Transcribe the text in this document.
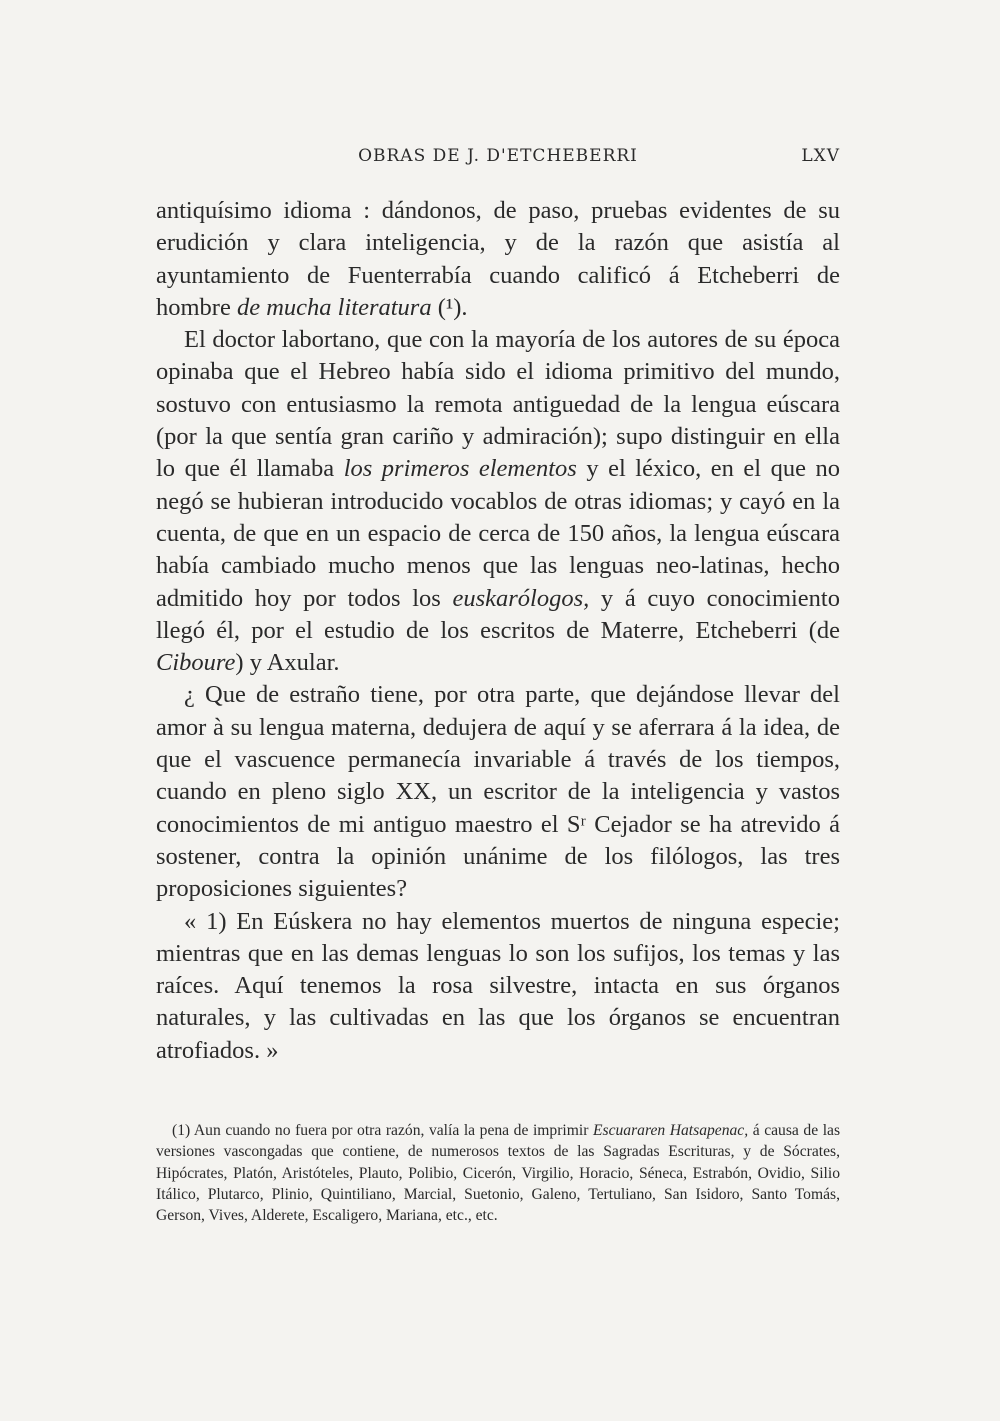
OBRAS DE J. D'ETCHEBERRI	LXV

antiquísimo idioma : dándonos, de paso, pruebas evidentes de su erudición y clara inteligencia, y de la razón que asistía al ayuntamiento de Fuenterrabía cuando calificó á Etcheberri de hombre de mucha literatura (¹).

El doctor labortano, que con la mayoría de los autores de su época opinaba que el Hebreo había sido el idioma primitivo del mundo, sostuvo con entusiasmo la remota antiguedad de la lengua eúscara (por la que sentía gran cariño y admiración); supo distinguir en ella lo que él llamaba los primeros elementos y el léxico, en el que no negó se hubieran introducido vocablos de otras idiomas; y cayó en la cuenta, de que en un espacio de cerca de 150 años, la lengua eúscara había cambiado mucho menos que las lenguas neo-latinas, hecho admitido hoy por todos los euskarólogos, y á cuyo conocimiento llegó él, por el estudio de los escritos de Materre, Etcheberri (de Ciboure) y Axular.

¿ Que de estraño tiene, por otra parte, que dejándose llevar del amor à su lengua materna, dedujera de aquí y se aferrara á la idea, de que el vascuence permanecía invariable á través de los tiempos, cuando en pleno siglo XX, un escritor de la inteligencia y vastos conocimientos de mi antiguo maestro el Sʳ Cejador se ha atrevido á sostener, contra la opinión unánime de los filólogos, las tres proposiciones siguientes?

« 1) En Eúskera no hay elementos muertos de ninguna especie; mientras que en las demas lenguas lo son los sufijos, los temas y las raíces. Aquí tenemos la rosa silvestre, intacta en sus órganos naturales, y las cultivadas en las que los órganos se encuentran atrofiados. »

(1) Aun cuando no fuera por otra razón, valía la pena de imprimir Escuararen Hatsapenac, á causa de las versiones vascongadas que contiene, de numerosos textos de las Sagradas Escrituras, y de Sócrates, Hipócrates, Platón, Aristóteles, Plauto, Polibio, Cicerón, Virgilio, Horacio, Séneca, Estrabón, Ovidio, Silio Itálico, Plutarco, Plinio, Quintiliano, Marcial, Suetonio, Galeno, Tertuliano, San Isidoro, Santo Tomás, Gerson, Vives, Alderete, Escaligero, Mariana, etc., etc.
